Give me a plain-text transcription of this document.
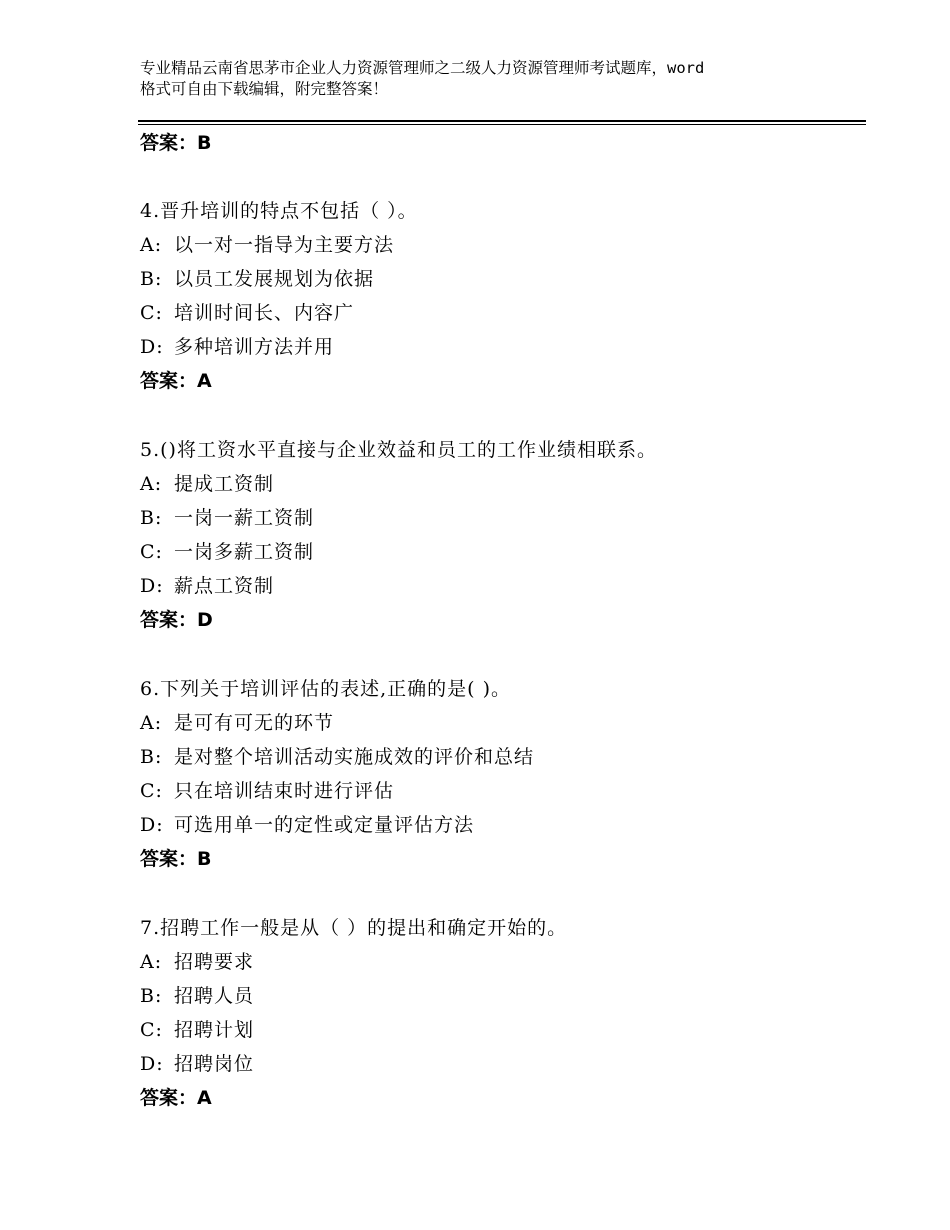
专业精品云南省思茅市企业人力资源管理师之二级人力资源管理师考试题库，word
格式可自由下载编辑，附完整答案！
答案：B
4.晋升培训的特点不包括（ ）。
A: 以一对一指导为主要方法
B: 以员工发展规划为依据
C: 培训时间长、内容广
D: 多种培训方法并用
答案：A
5.()将工资水平直接与企业效益和员工的工作业绩相联系。
A: 提成工资制
B: 一岗一薪工资制
C: 一岗多薪工资制
D: 薪点工资制
答案：D
6.下列关于培训评估的表述,正确的是( )。
A: 是可有可无的环节
B: 是对整个培训活动实施成效的评价和总结
C: 只在培训结束时进行评估
D: 可选用单一的定性或定量评估方法
答案：B
7.招聘工作一般是从（ ）的提出和确定开始的。
A: 招聘要求
B: 招聘人员
C: 招聘计划
D: 招聘岗位
答案：A
